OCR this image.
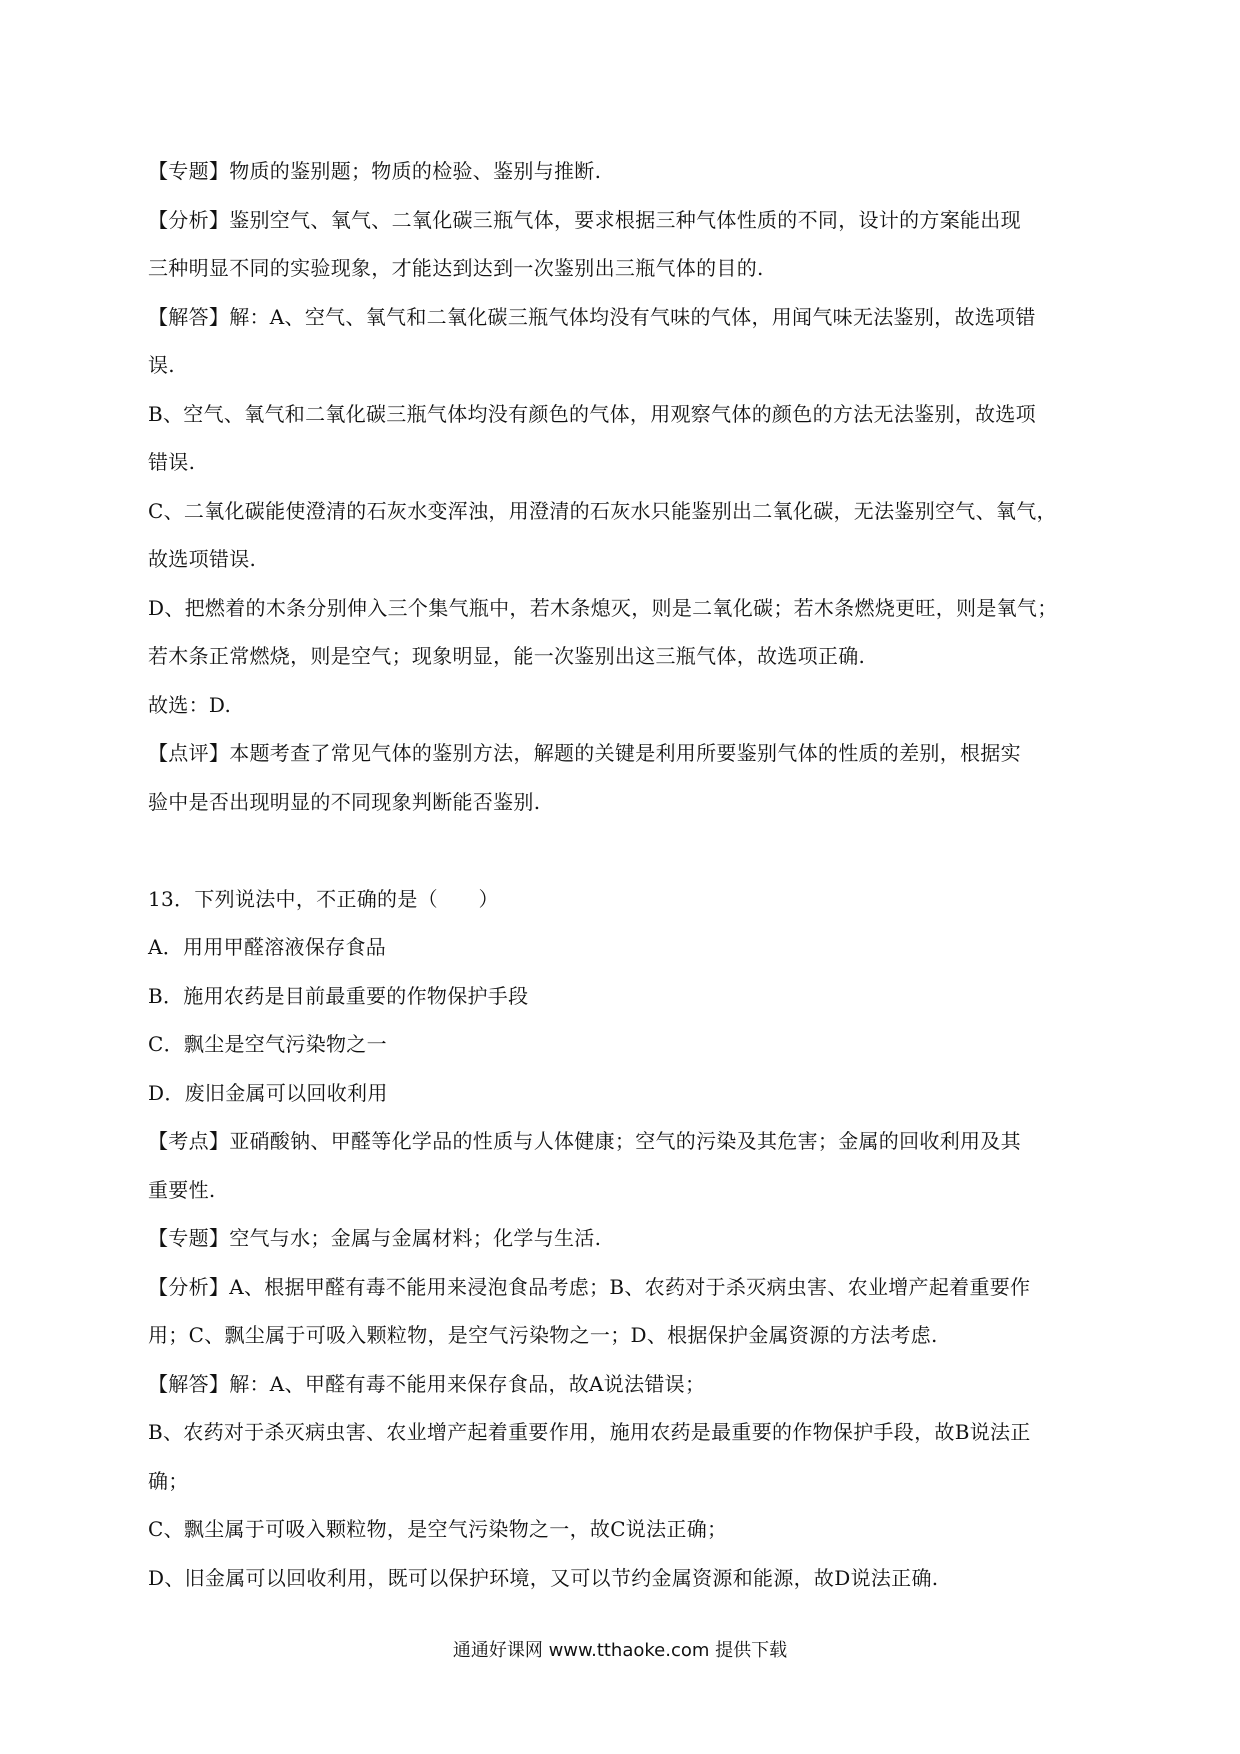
【专题】物质的鉴别题；物质的检验、鉴别与推断.
【分析】鉴别空气、氧气、二氧化碳三瓶气体，要求根据三种气体性质的不同，设计的方案能出现
三种明显不同的实验现象，才能达到达到一次鉴别出三瓶气体的目的.
【解答】解：A、空气、氧气和二氧化碳三瓶气体均没有气味的气体，用闻气味无法鉴别，故选项错
误.
B、空气、氧气和二氧化碳三瓶气体均没有颜色的气体，用观察气体的颜色的方法无法鉴别，故选项
错误.
C、二氧化碳能使澄清的石灰水变浑浊，用澄清的石灰水只能鉴别出二氧化碳，无法鉴别空气、氧气，
故选项错误.
D、把燃着的木条分别伸入三个集气瓶中，若木条熄灭，则是二氧化碳；若木条燃烧更旺，则是氧气；
若木条正常燃烧，则是空气；现象明显，能一次鉴别出这三瓶气体，故选项正确.
故选：D.
【点评】本题考查了常见气体的鉴别方法，解题的关键是利用所要鉴别气体的性质的差别，根据实
验中是否出现明显的不同现象判断能否鉴别.
13．下列说法中，不正确的是（　　）
A．用用甲醛溶液保存食品
B．施用农药是目前最重要的作物保护手段
C．飘尘是空气污染物之一
D．废旧金属可以回收利用
【考点】亚硝酸钠、甲醛等化学品的性质与人体健康；空气的污染及其危害；金属的回收利用及其
重要性.
【专题】空气与水；金属与金属材料；化学与生活.
【分析】A、根据甲醛有毒不能用来浸泡食品考虑；B、农药对于杀灭病虫害、农业增产起着重要作
用；C、飘尘属于可吸入颗粒物，是空气污染物之一；D、根据保护金属资源的方法考虑.
【解答】解：A、甲醛有毒不能用来保存食品，故A说法错误；
B、农药对于杀灭病虫害、农业增产起着重要作用，施用农药是最重要的作物保护手段，故B说法正
确；
C、飘尘属于可吸入颗粒物，是空气污染物之一，故C说法正确；
D、旧金属可以回收利用，既可以保护环境，又可以节约金属资源和能源，故D说法正确.
通通好课网 www.tthaoke.com 提供下载
